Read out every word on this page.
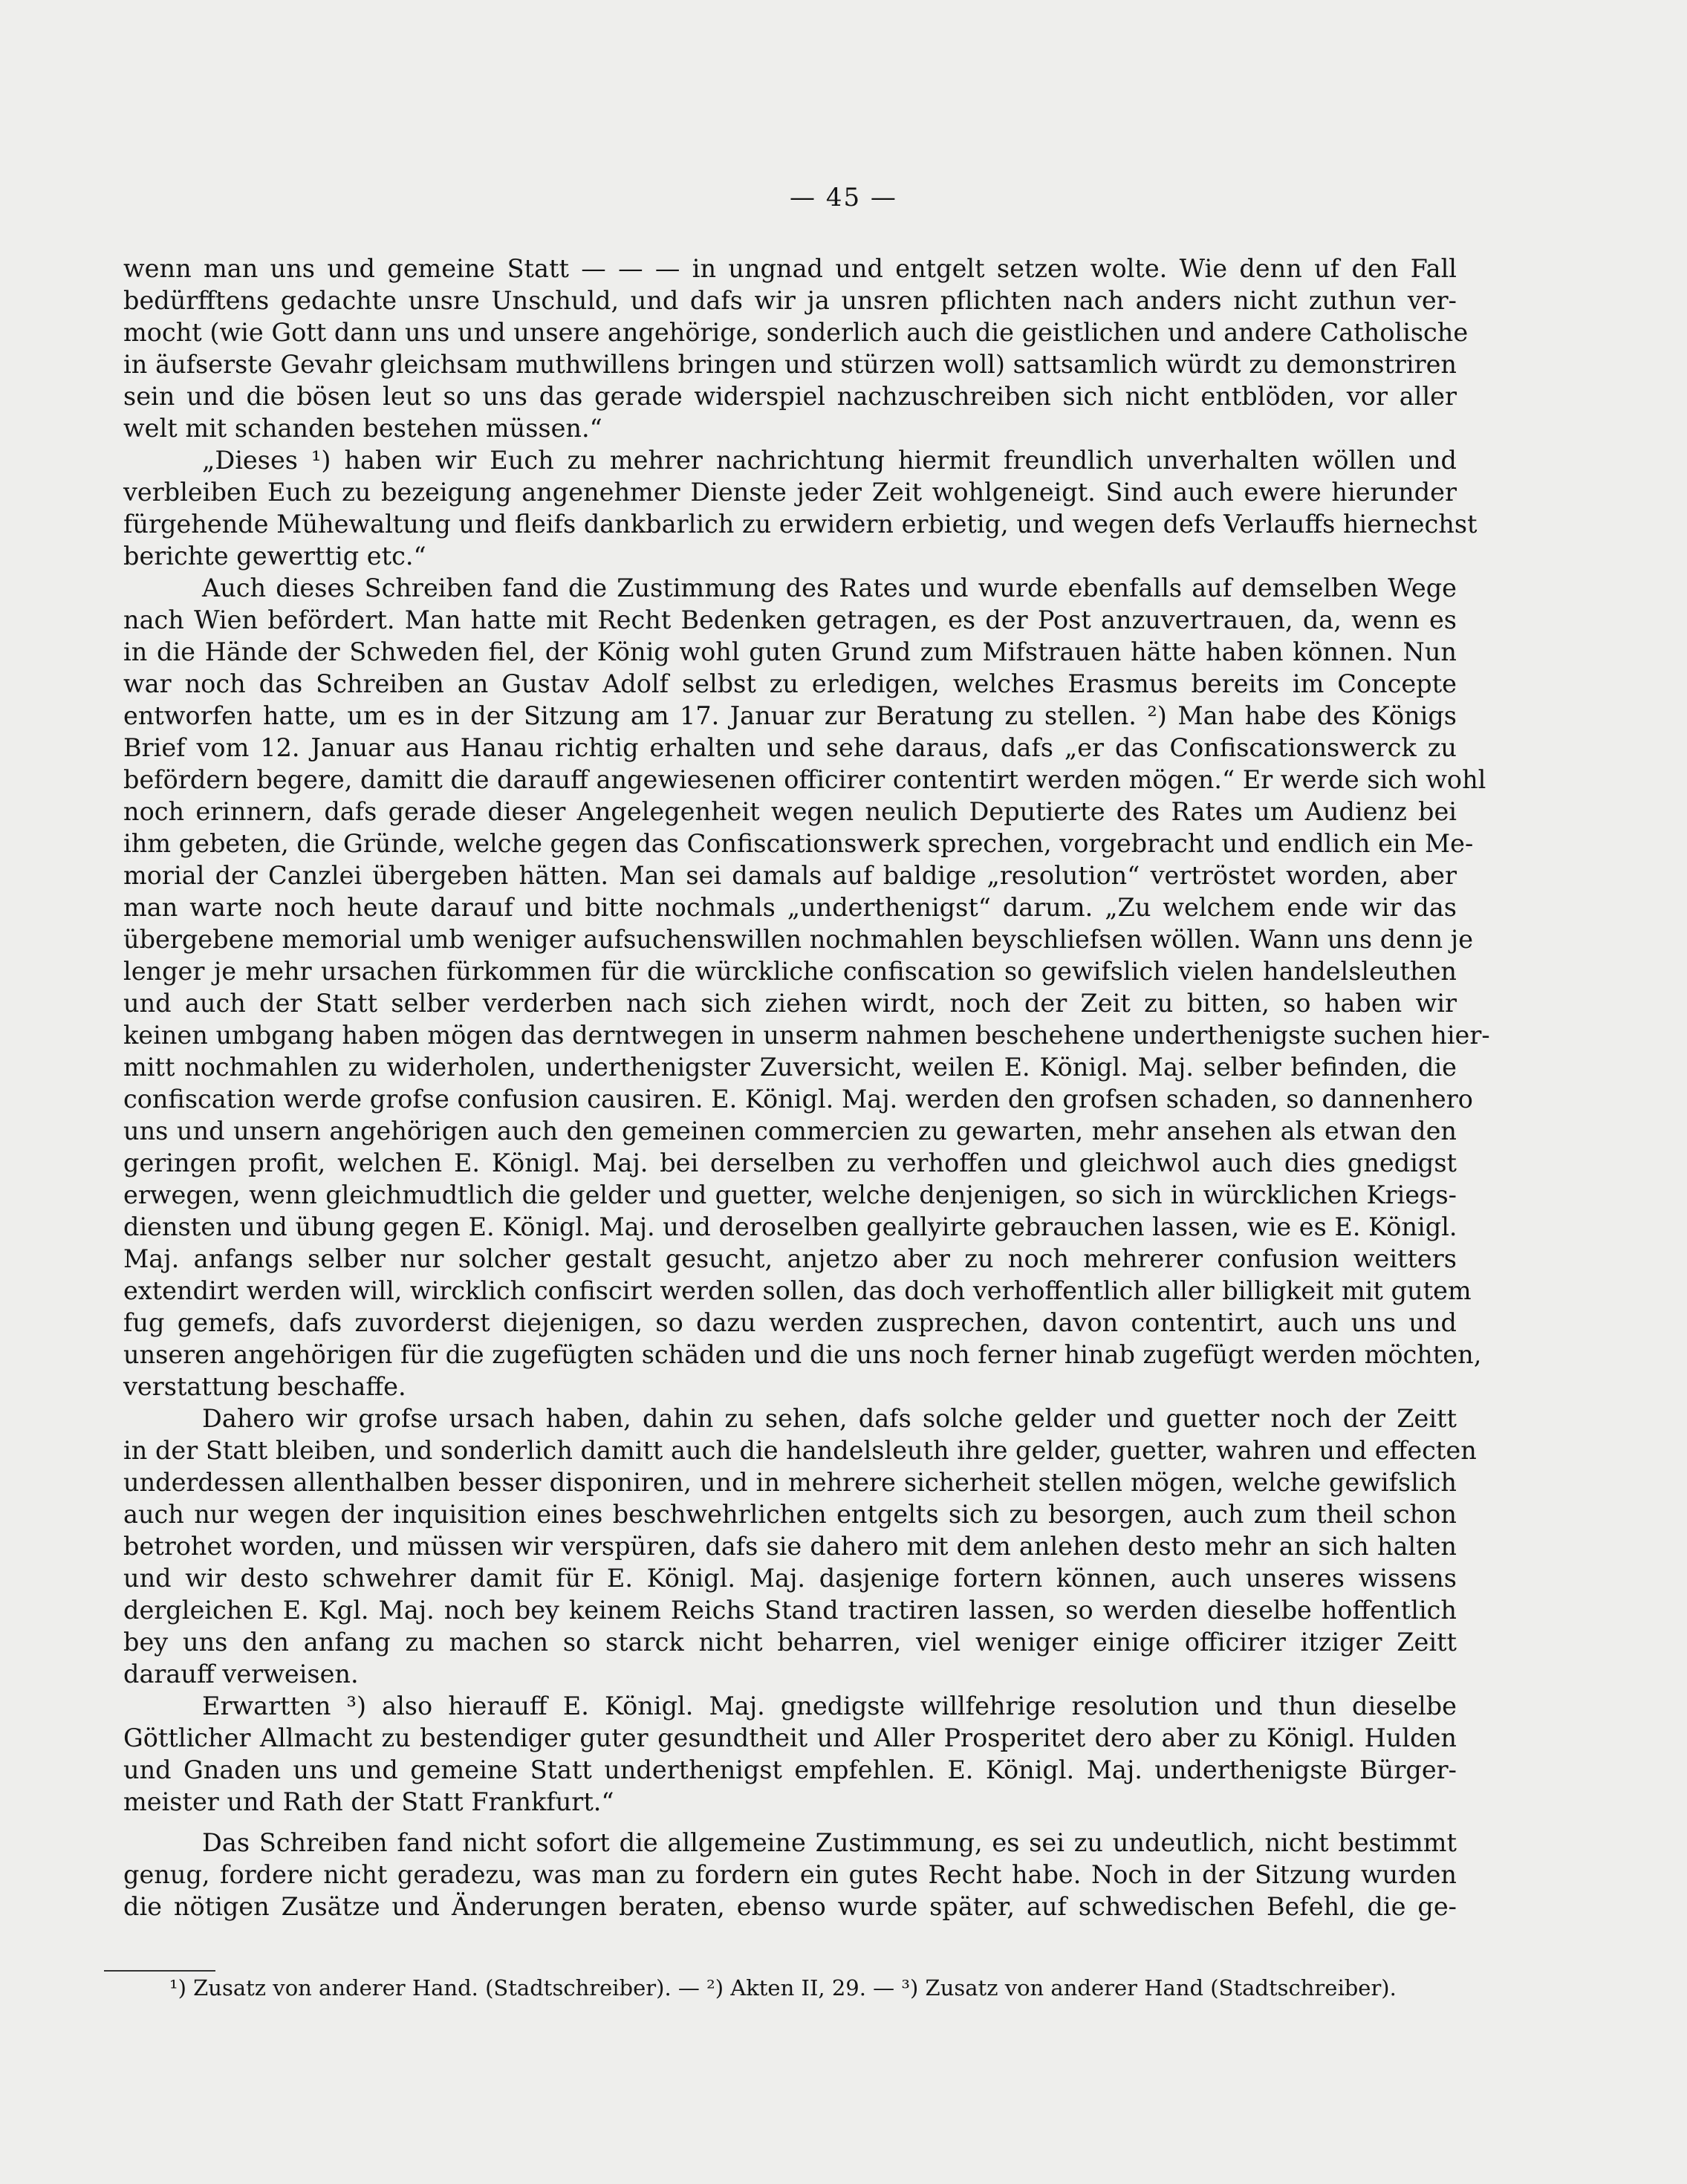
— 45 —
wenn man uns und gemeine Statt — — — in ungnad und entgelt setzen wolte. Wie denn uf den Fall
bedürfftens gedachte unsre Unschuld, und dafs wir ja unsren pflichten nach anders nicht zuthun ver-
mocht (wie Gott dann uns und unsere angehörige, sonderlich auch die geistlichen und andere Catholische
in äufserste Gevahr gleichsam muthwillens bringen und stürzen woll) sattsamlich würdt zu demonstriren
sein und die bösen leut so uns das gerade widerspiel nachzuschreiben sich nicht entblöden, vor aller
welt mit schanden bestehen müssen.“
„Dieses ¹) haben wir Euch zu mehrer nachrichtung hiermit freundlich unverhalten wöllen und
verbleiben Euch zu bezeigung angenehmer Dienste jeder Zeit wohlgeneigt. Sind auch ewere hierunder
fürgehende Mühewaltung und fleifs dankbarlich zu erwidern erbietig, und wegen defs Verlauffs hiernechst
berichte gewerttig etc.“
Auch dieses Schreiben fand die Zustimmung des Rates und wurde ebenfalls auf demselben Wege
nach Wien befördert. Man hatte mit Recht Bedenken getragen, es der Post anzuvertrauen, da, wenn es
in die Hände der Schweden fiel, der König wohl guten Grund zum Mifstrauen hätte haben können. Nun
war noch das Schreiben an Gustav Adolf selbst zu erledigen, welches Erasmus bereits im Concepte
entworfen hatte, um es in der Sitzung am 17. Januar zur Beratung zu stellen. ²) Man habe des Königs
Brief vom 12. Januar aus Hanau richtig erhalten und sehe daraus, dafs „er das Confiscationswerck zu
befördern begere, damitt die darauff angewiesenen officirer contentirt werden mögen.“ Er werde sich wohl
noch erinnern, dafs gerade dieser Angelegenheit wegen neulich Deputierte des Rates um Audienz bei
ihm gebeten, die Gründe, welche gegen das Confiscationswerk sprechen, vorgebracht und endlich ein Me-
morial der Canzlei übergeben hätten. Man sei damals auf baldige „resolution“ vertröstet worden, aber
man warte noch heute darauf und bitte nochmals „underthenigst“ darum. „Zu welchem ende wir das
übergebene memorial umb weniger aufsuchenswillen nochmahlen beyschliefsen wöllen. Wann uns denn je
lenger je mehr ursachen fürkommen für die würckliche confiscation so gewifslich vielen handelsleuthen
und auch der Statt selber verderben nach sich ziehen wirdt, noch der Zeit zu bitten, so haben wir
keinen umbgang haben mögen das derntwegen in unserm nahmen beschehene underthenigste suchen hier-
mitt nochmahlen zu widerholen, underthenigster Zuversicht, weilen E. Königl. Maj. selber befinden, die
confiscation werde grofse confusion causiren. E. Königl. Maj. werden den grofsen schaden, so dannenhero
uns und unsern angehörigen auch den gemeinen commercien zu gewarten, mehr ansehen als etwan den
geringen profit, welchen E. Königl. Maj. bei derselben zu verhoffen und gleichwol auch dies gnedigst
erwegen, wenn gleichmudtlich die gelder und guetter, welche denjenigen, so sich in würcklichen Kriegs-
diensten und übung gegen E. Königl. Maj. und deroselben geallyirte gebrauchen lassen, wie es E. Königl.
Maj. anfangs selber nur solcher gestalt gesucht, anjetzo aber zu noch mehrerer confusion weitters
extendirt werden will, wircklich confiscirt werden sollen, das doch verhoffentlich aller billigkeit mit gutem
fug gemefs, dafs zuvorderst diejenigen, so dazu werden zusprechen, davon contentirt, auch uns und
unseren angehörigen für die zugefügten schäden und die uns noch ferner hinab zugefügt werden möchten,
verstattung beschaffe.
Dahero wir grofse ursach haben, dahin zu sehen, dafs solche gelder und guetter noch der Zeitt
in der Statt bleiben, und sonderlich damitt auch die handelsleuth ihre gelder, guetter, wahren und effecten
underdessen allenthalben besser disponiren, und in mehrere sicherheit stellen mögen, welche gewifslich
auch nur wegen der inquisition eines beschwehrlichen entgelts sich zu besorgen, auch zum theil schon
betrohet worden, und müssen wir verspüren, dafs sie dahero mit dem anlehen desto mehr an sich halten
und wir desto schwehrer damit für E. Königl. Maj. dasjenige fortern können, auch unseres wissens
dergleichen E. Kgl. Maj. noch bey keinem Reichs Stand tractiren lassen, so werden dieselbe hoffentlich
bey uns den anfang zu machen so starck nicht beharren, viel weniger einige officirer itziger Zeitt
darauff verweisen.
Erwartten ³) also hierauff E. Königl. Maj. gnedigste willfehrige resolution und thun dieselbe
Göttlicher Allmacht zu bestendiger guter gesundtheit und Aller Prosperitet dero aber zu Königl. Hulden
und Gnaden uns und gemeine Statt underthenigst empfehlen. E. Königl. Maj. underthenigste Bürger-
meister und Rath der Statt Frankfurt.“
Das Schreiben fand nicht sofort die allgemeine Zustimmung, es sei zu undeutlich, nicht bestimmt
genug, fordere nicht geradezu, was man zu fordern ein gutes Recht habe. Noch in der Sitzung wurden
die nötigen Zusätze und Änderungen beraten, ebenso wurde später, auf schwedischen Befehl, die ge-
¹) Zusatz von anderer Hand. (Stadtschreiber). — ²) Akten II, 29. — ³) Zusatz von anderer Hand (Stadtschreiber).
